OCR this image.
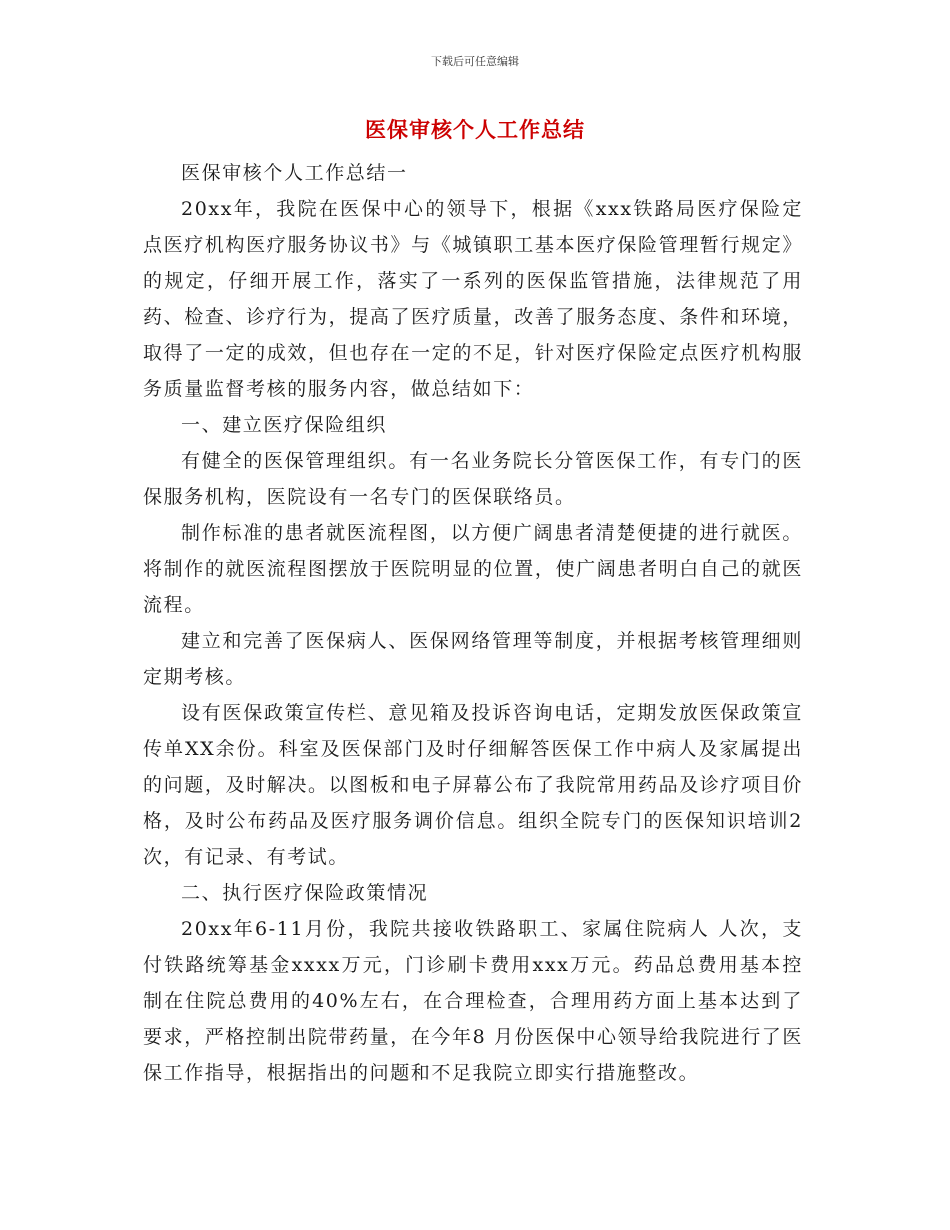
下载后可任意编辑
医保审核个人工作总结

医保审核个人工作总结一

20xx年，我院在医保中心的领导下，根据《xxx铁路局医疗保险定点医疗机构医疗服务协议书》与《城镇职工基本医疗保险管理暂行规定》的规定，仔细开展工作，落实了一系列的医保监管措施，法律规范了用药、检查、诊疗行为，提高了医疗质量，改善了服务态度、条件和环境，取得了一定的成效，但也存在一定的不足，针对医疗保险定点医疗机构服务质量监督考核的服务内容，做总结如下：

一、建立医疗保险组织

有健全的医保管理组织。有一名业务院长分管医保工作，有专门的医保服务机构，医院设有一名专门的医保联络员。

制作标准的患者就医流程图，以方便广阔患者清楚便捷的进行就医。将制作的就医流程图摆放于医院明显的位置，使广阔患者明白自己的就医流程。

建立和完善了医保病人、医保网络管理等制度，并根据考核管理细则定期考核。

设有医保政策宣传栏、意见箱及投诉咨询电话，定期发放医保政策宣传单XX余份。科室及医保部门及时仔细解答医保工作中病人及家属提出的问题，及时解决。以图板和电子屏幕公布了我院常用药品及诊疗项目价格，及时公布药品及医疗服务调价信息。组织全院专门的医保知识培训2次，有记录、有考试。

二、执行医疗保险政策情况

20xx年6-11月份，我院共接收铁路职工、家属住院病人 人次，支付铁路统筹基金xxxx万元，门诊刷卡费用xxx万元。药品总费用基本控制在住院总费用的40%左右，在合理检查，合理用药方面上基本达到了要求，严格控制出院带药量，在今年8 月份医保中心领导给我院进行了医保工作指导，根据指出的问题和不足我院立即实行措施整改。
